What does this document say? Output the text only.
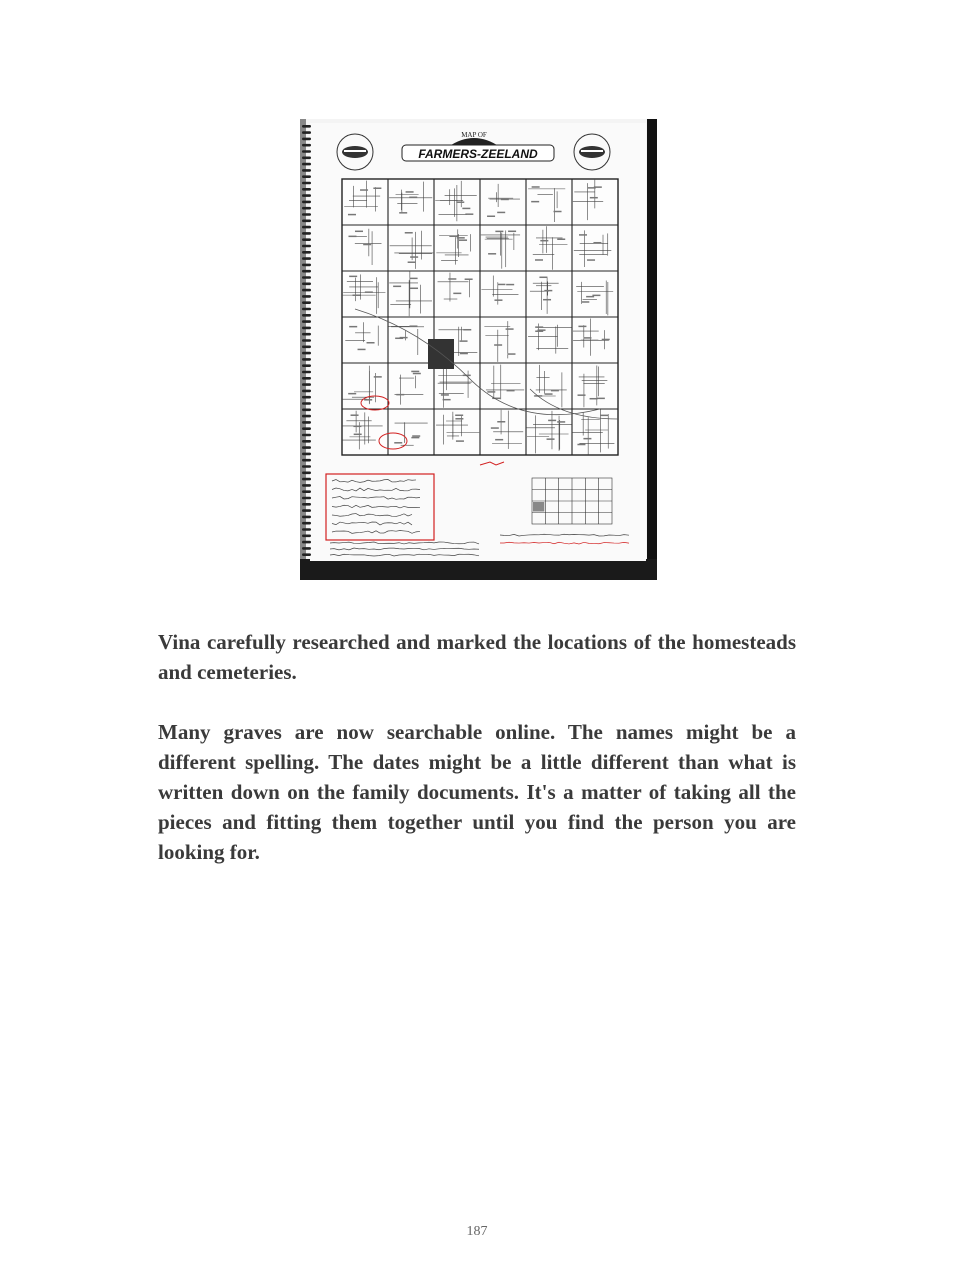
MAP OF
FARMERS-ZEELAND

Vina carefully researched and marked the locations of the homesteads and cemeteries.

Many graves are now searchable online. The names might be a different spelling. The dates might be a little different than what is written down on the family documents. It's a matter of taking all the pieces and fitting them together until you find the person you are looking for.

187
